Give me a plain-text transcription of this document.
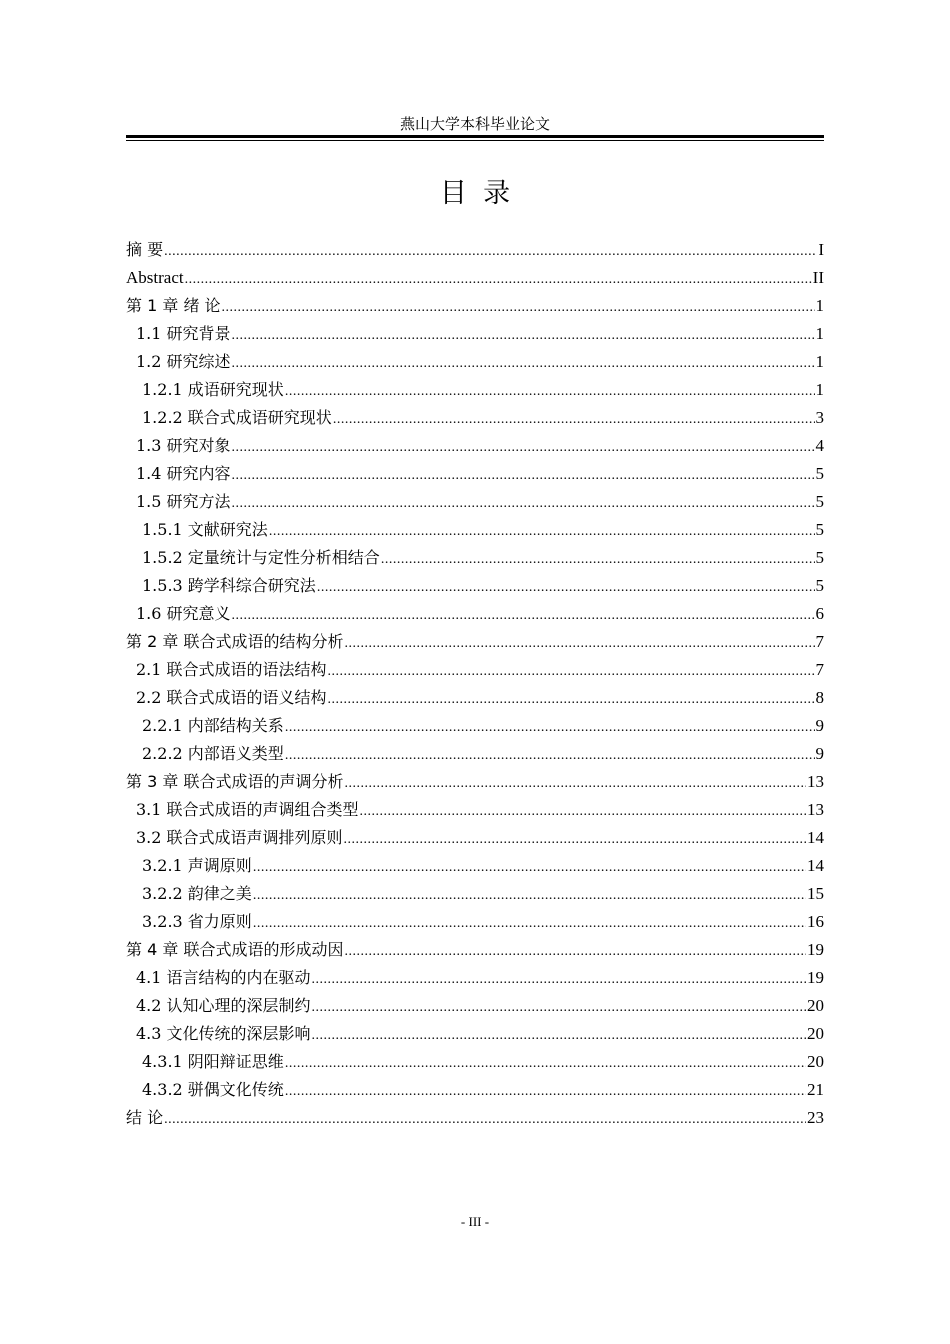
燕山大学本科毕业论文
目录
摘 要 .....	I
Abstract .....	II
第 1 章 绪 论 .....	1
1.1 研究背景 .....	1
1.2 研究综述 .....	1
1.2.1 成语研究现状 .....	1
1.2.2 联合式成语研究现状 .....	3
1.3 研究对象 .....	4
1.4 研究内容 .....	5
1.5 研究方法 .....	5
1.5.1 文献研究法 .....	5
1.5.2 定量统计与定性分析相结合 .....	5
1.5.3 跨学科综合研究法 .....	5
1.6 研究意义 .....	6
第 2 章 联合式成语的结构分析 .....	7
2.1 联合式成语的语法结构 .....	7
2.2 联合式成语的语义结构 .....	8
2.2.1 内部结构关系 .....	9
2.2.2 内部语义类型 .....	9
第 3 章 联合式成语的声调分析 .....	13
3.1 联合式成语的声调组合类型 .....	13
3.2 联合式成语声调排列原则 .....	14
3.2.1 声调原则 .....	14
3.2.2 韵律之美 .....	15
3.2.3 省力原则 .....	16
第 4 章 联合式成语的形成动因 .....	19
4.1 语言结构的内在驱动 .....	19
4.2 认知心理的深层制约 .....	20
4.3 文化传统的深层影响 .....	20
4.3.1 阴阳辩证思维 .....	20
4.3.2 骈偶文化传统 .....	21
结 论 .....	23
- III -
